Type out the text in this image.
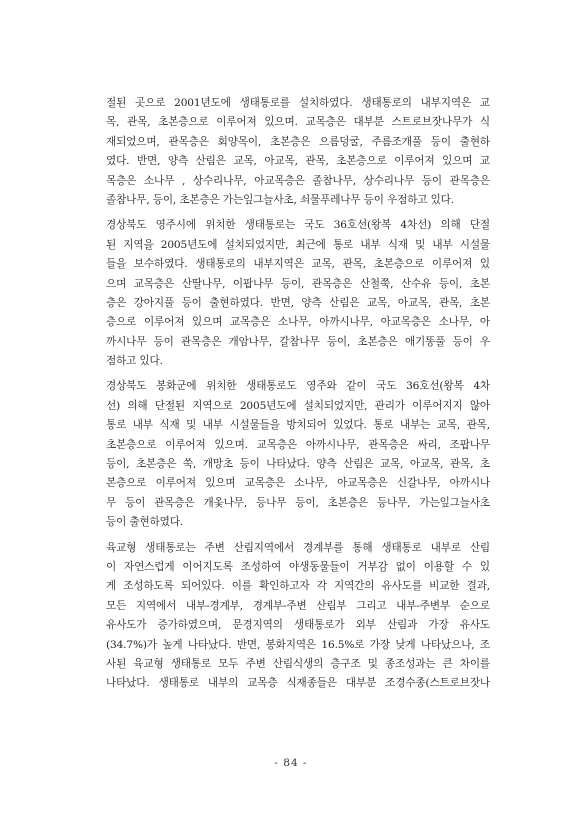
절된 곳으로 2001년도에 생태통로를 설치하였다. 생태통로의 내부지역은 교
목, 관목, 초본층으로 이루어져 있으며. 교목층은 대부분 스트로브잣나무가 식
재되었으며, 관목층은 회양목이, 초본층은 으름덩굴, 주름조개풀 등이 출현하
였다. 반면, 양측 산림은 교목, 아교목, 관목, 초본층으로 이루어져 있으며 교
목층은 소나무 , 상수리나무, 아교목층은 졸참나무, 상수리나무 등이 관목층은
졸참나무, 등이, 초본층은 가는잎그늘사초, 쇠물푸레나무 등이 우점하고 있다.
경상북도 영주시에 위치한 생태통로는 국도 36호선(왕복 4차선) 의해 단절
된 지역을 2005년도에 설치되었지만, 최근에 통로 내부 식재 및 내부 시설물
들을 보수하였다. 생태통로의 내부지역은 교목, 관목, 초본층으로 이루어져 있
으며 교목층은 산딸나무, 이팝나무 등이, 관목층은 산철쭉, 산수유 등이, 초본
층은 강아지풀 등이 출현하였다. 반면, 양측 산림은 교목, 아교목, 관목, 초본
층으로 이루어져 있으며 교목층은 소나무, 아까시나무, 아교목층은 소나무, 아
까시나무 등이 관목층은 개암나무, 갈참나무 등이, 초본층은 애기똥풀 등이 우
점하고 있다.
경상북도 봉화군에 위치한 생태통로도 영주와 같이 국도 36호선(왕복 4차
선) 의해 단절된 지역으로 2005년도에 설치되었지만, 관리가 이루어지지 않아
통로 내부 식재 및 내부 시설물들을 방치되어 있었다. 통로 내부는 교목, 관목,
초본층으로 이루어져 있으며. 교목층은 아까시나무, 관목층은 싸리, 조팝나무
등이, 초본층은 쑥, 개망초 등이 나타났다. 양측 산림은 교목, 아교목, 관목, 초
본층으로 이루어져 있으며 교목층은 소나무, 아교목층은 신갈나무, 아까시나
무 등이 관목층은 개옻나무, 등나무 등이, 초본층은 등나무, 가는잎그늘사초
등이 출현하였다.
육교형 생태통로는 주변 산림지역에서 경계부를 통해 생태통로 내부로 산림
이 자연스럽게 이어지도록 조성하여 야생동물들이 거부감 없이 이용할 수 있
게 조성하도록 되어있다. 이를 확인하고자 각 지역간의 유사도를 비교한 결과,
모든 지역에서 내부-경계부, 경계부-주변 산림부 그리고 내부-주변부 순으로
유사도가 증가하였으며, 문경지역의 생태통로가 외부 산림과 가장 유사도
(34.7%)가 높게 나타났다. 반면, 봉화지역은 16.5%로 가장 낮게 나타났으나, 조
사된 육교형 생태통로 모두 주변 산림식생의 층구조 및 종조성과는 큰 차이를
나타났다. 생태통로 내부의 교목층 식재종들은 대부분 조경수종(스트로브잣나
- 84 -
